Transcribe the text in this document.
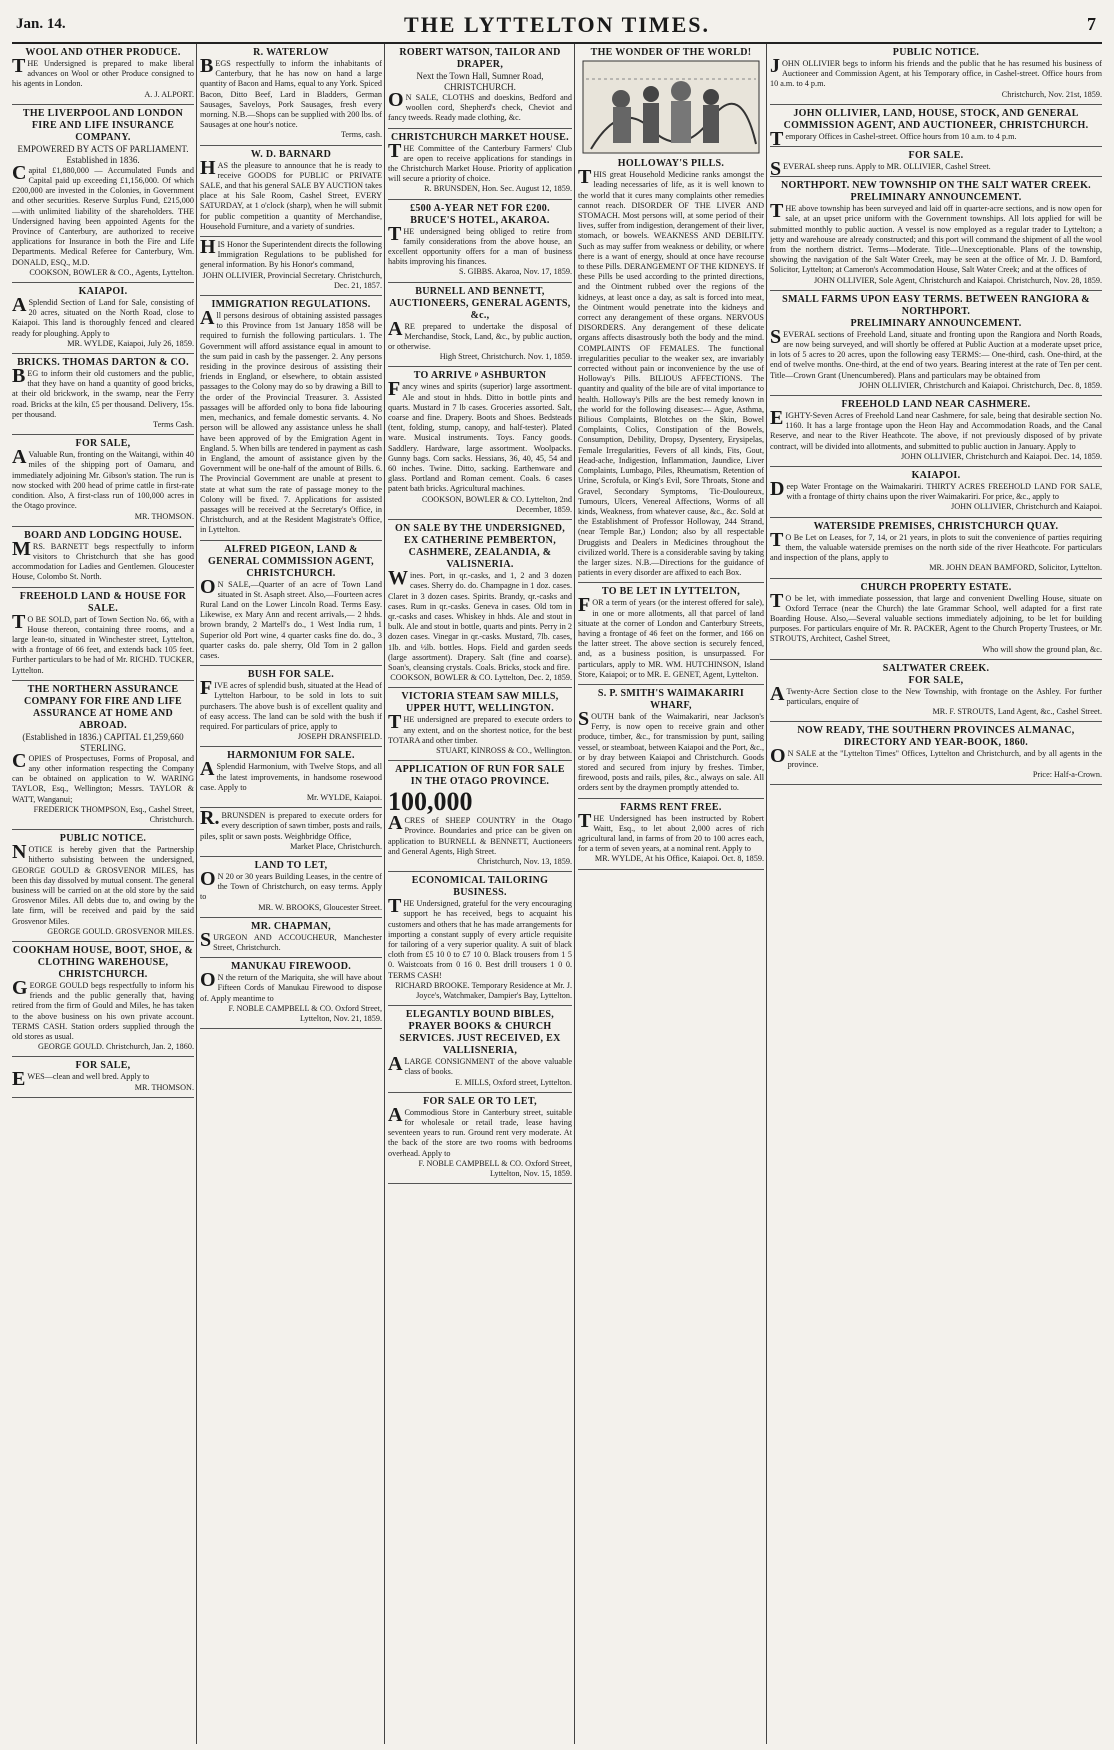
Jan. 14.	THE LYTTELTON TIMES.	7
WOOL AND OTHER PRODUCE.

THE Undersigned is prepared to make liberal advances on Wool or other Produce consigned to his agents in London.

A. J. ALPORT.
THE LIVERPOOL AND LONDON FIRE AND LIFE INSURANCE COMPANY.
EMPOWERED BY ACTS OF PARLIAMENT. Established in 1836.

Capital £1,880,000 — Accumulated Funds and Capital paid up exceeding £1,156,000. Of which £200,000 are invested in the Colonies, in Government and other securities. Reserve Surplus Fund, £215,000—with unlimited liability of the shareholders. THE Undersigned having been appointed Agents for the Province of Canterbury, are authorized to receive applications for Insurance in both the Fire and Life Departments. Medical Referee for Canterbury, Wm. DONALD, ESQ., M.D.

COOKSON, BOWLER & CO., Agents, Lyttelton.
KAIAPOI.

ASplendid Section of Land for Sale, consisting of 20 acres, situated on the North Road, close to Kaiapoi. This land is thoroughly fenced and cleared ready for ploughing. Apply to

MR. WYLDE, Kaiapoi, July 26, 1859.
BRICKS. THOMAS DARTON & CO.

BEG to inform their old customers and the public, that they have on hand a quantity of good bricks, at their old brickwork, in the swamp, near the Ferry road. Bricks at the kiln, £5 per thousand. Delivery, 15s. per thousand.

Terms Cash.
FOR SALE,

AValuable Run, fronting on the Waitangi, within 40 miles of the shipping port of Oamaru, and immediately adjoining Mr. Gibson's station. The run is now stocked with 200 head of prime cattle in first-rate condition. Also, A first-class run of 100,000 acres in the Otago province.

MR. THOMSON.
BOARD AND LODGING HOUSE.

MRS. BARNETT begs respectfully to inform visitors to Christchurch that she has good accommodation for Ladies and Gentlemen. Gloucester House, Colombo St. North.

FREEHOLD LAND & HOUSE FOR SALE.

TO BE SOLD, part of Town Section No. 66, with a House thereon, containing three rooms, and a large lean-to, situated in Winchester street, Lyttelton, with a frontage of 66 feet, and extends back 105 feet. Further particulars to be had of Mr. RICHD. TUCKER, Lyttelton.

THE NORTHERN ASSURANCE COMPANY FOR FIRE AND LIFE ASSURANCE AT HOME AND ABROAD.
(Established in 1836.) CAPITAL £1,259,660 STERLING.

COPIES of Prospectuses, Forms of Proposal, and any other information respecting the Company can be obtained on application to W. WARING TAYLOR, Esq., Wellington; Messrs. TAYLOR & WATT, Wanganui;

FREDERICK THOMPSON, Esq., Cashel Street, Christchurch.
PUBLIC NOTICE.

NOTICE is hereby given that the Partnership hitherto subsisting between the undersigned, GEORGE GOULD & GROSVENOR MILES, has been this day dissolved by mutual consent. The general business will be carried on at the old store by the said Grosvenor Miles. All debts due to, and owing by the late firm, will be received and paid by the said Grosvenor Miles.

GEORGE GOULD. GROSVENOR MILES.
COOKHAM HOUSE, BOOT, SHOE, & CLOTHING WAREHOUSE, CHRISTCHURCH.

GEORGE GOULD begs respectfully to inform his friends and the public generally that, having retired from the firm of Gould and Miles, he has taken to the above business on his own private account. TERMS CASH. Station orders supplied through the old stores as usual.

GEORGE GOULD. Christchurch, Jan. 2, 1860.
FOR SALE,

EWES—clean and well bred. Apply to

MR. THOMSON.
R. WATERLOW

BEGS respectfully to inform the inhabitants of Canterbury, that he has now on hand a large quantity of Bacon and Hams, equal to any York. Spiced Bacon, Ditto Beef, Lard in Bladders, German Sausages, Saveloys, Pork Sausages, fresh every morning. N.B.—Shops can be supplied with 200 lbs. of Sausages at one hour's notice.

Terms, cash.
W. D. BARNARD

HAS the pleasure to announce that he is ready to receive GOODS for PUBLIC or PRIVATE SALE, and that his general SALE BY AUCTION takes place at his Sale Room, Cashel Street, EVERY SATURDAY, at 1 o'clock (sharp), when he will submit for public competition a quantity of Merchandise, Household Furniture, and a variety of sundries.

HIS Honor the Superintendent directs the following Immigration Regulations to be published for general information. By his Honor's command,

JOHN OLLIVIER, Provincial Secretary. Christchurch, Dec. 21, 1857.
IMMIGRATION REGULATIONS.

All persons desirous of obtaining assisted passages to this Province from 1st January 1858 will be required to furnish the following particulars. 1. The Government will afford assistance equal in amount to the sum paid in cash by the passenger. 2. Any persons residing in the province desirous of assisting their friends in England, or elsewhere, to obtain assisted passages to the Colony may do so by drawing a Bill to the order of the Provincial Treasurer. 3. Assisted passages will be afforded only to bona fide labouring men, mechanics, and female domestic servants. 4. No person will be allowed any assistance unless he shall have been approved of by the Emigration Agent in England. 5. When bills are tendered in payment as cash in England, the amount of assistance given by the Government will be one-half of the amount of Bills. 6. The Provincial Government are unable at present to state at what sum the rate of passage money to the Colony will be fixed. 7. Applications for assisted passages will be received at the Secretary's Office, in Christchurch, and at the Resident Magistrate's Office, in Lyttelton.

ALFRED PIGEON, LAND & GENERAL COMMISSION AGENT, CHRISTCHURCH.

ON SALE,—Quarter of an acre of Town Land situated in St. Asaph street. Also,—Fourteen acres Rural Land on the Lower Lincoln Road. Terms Easy. Likewise, ex Mary Ann and recent arrivals,— 2 hhds. brown brandy, 2 Martell's do., 1 West India rum, 1 Superior old Port wine, 4 quarter casks fine do. do., 3 quarter casks do. pale sherry, Old Tom in 2 gallon cases.

BUSH FOR SALE.

FIVE acres of splendid bush, situated at the Head of Lyttelton Harbour, to be sold in lots to suit purchasers. The above bush is of excellent quality and of easy access. The land can be sold with the bush if required. For particulars of price, apply to

JOSEPH DRANSFIELD.
HARMONIUM FOR SALE.

ASplendid Harmonium, with Twelve Stops, and all the latest improvements, in handsome rosewood case. Apply to

Mr. WYLDE, Kaiapoi.

R.BRUNSDEN is prepared to execute orders for every description of sawn timber, posts and rails, piles, split or sawn posts. Weighbridge Office,

Market Place, Christchurch.
LAND TO LET,

ON 20 or 30 years Building Leases, in the centre of the Town of Christchurch, on easy terms. Apply to

MR. W. BROOKS, Gloucester Street.
MR. CHAPMAN,

SURGEON AND ACCOUCHEUR, Manchester Street, Christchurch.

MANUKAU FIREWOOD.

ON the return of the Mariquita, she will have about Fifteen Cords of Manukau Firewood to dispose of. Apply meantime to

F. NOBLE CAMPBELL & CO. Oxford Street, Lyttelton, Nov. 21, 1859.
ROBERT WATSON, TAILOR AND DRAPER,
Next the Town Hall, Sumner Road, CHRISTCHURCH.

ON SALE, CLOTHS and doeskins, Bedford and woollen cord, Shepherd's check, Cheviot and fancy tweeds. Ready made clothing, &c.

CHRISTCHURCH MARKET HOUSE.

THE Committee of the Canterbury Farmers' Club are open to receive applications for standings in the Christchurch Market House. Priority of application will secure a priority of choice.

R. BRUNSDEN, Hon. Sec. August 12, 1859.
£500 A-YEAR NET FOR £200. BRUCE'S HOTEL, AKAROA.

THE undersigned being obliged to retire from family considerations from the above house, an excellent opportunity offers for a man of business habits improving his finances.

S. GIBBS. Akaroa, Nov. 17, 1859.
BURNELL AND BENNETT, AUCTIONEERS, GENERAL AGENTS, &c.,

ARE prepared to undertake the disposal of Merchandise, Stock, Land, &c., by public auction, or otherwise.

High Street, Christchurch. Nov. 1, 1859.
TO ARRIVE ᵖ ASHBURTON

Fancy wines and spirits (superior) large assortment. Ale and stout in hhds. Ditto in bottle pints and quarts. Mustard in 7 lb cases. Groceries assorted. Salt, coarse and fine. Drapery. Boots and Shoes. Bedsteads (tent, folding, stump, canopy, and half-tester). Plated ware. Musical instruments. Toys. Fancy goods. Saddlery. Hardware, large assortment. Woolpacks. Gunny bags. Corn sacks. Hessians, 36, 40, 45, 54 and 60 inches. Twine. Ditto, sacking. Earthenware and glass. Portland and Roman cement. Coals. 6 cases patent bath bricks. Agricultural machines.

COOKSON, BOWLER & CO. Lyttelton, 2nd December, 1859.
ON SALE BY THE UNDERSIGNED, EX CATHERINE PEMBERTON, CASHMERE, ZEALANDIA, & VALISNERIA.

Wines. Port, in qr.-casks, and 1, 2 and 3 dozen cases. Sherry do. do. Champagne in 1 doz. cases. Claret in 3 dozen cases. Spirits. Brandy, qr.-casks and cases. Rum in qr.-casks. Geneva in cases. Old tom in qr.-casks and cases. Whiskey in hhds. Ale and stout in bulk. Ale and stout in bottle, quarts and pints. Perry in 2 dozen cases. Vinegar in qr.-casks. Mustard, 7lb. cases, 1lb. and ½lb. bottles. Hops. Field and garden seeds (large assortment). Drapery. Salt (fine and coarse). Soan's, cleansing crystals. Coals. Bricks, stock and fire.

COOKSON, BOWLER & CO. Lyttelton, Dec. 2, 1859.
VICTORIA STEAM SAW MILLS, UPPER HUTT, WELLINGTON.

THE undersigned are prepared to execute orders to any extent, and on the shortest notice, for the best TOTARA and other timber.

STUART, KINROSS & CO., Wellington.
APPLICATION OF RUN FOR SALE IN THE OTAGO PROVINCE.
100,000

ACRES of SHEEP COUNTRY in the Otago Province. Boundaries and price can be given on application to BURNELL & BENNETT, Auctioneers and General Agents, High Street.

Christchurch, Nov. 13, 1859.
ECONOMICAL TAILORING BUSINESS.

THE Undersigned, grateful for the very encouraging support he has received, begs to acquaint his customers and others that he has made arrangements for importing a constant supply of every article requisite for tailoring of a very superior quality. A suit of black cloth from £5 10 0 to £7 10 0. Black trousers from 1 5 0. Waistcoats from 0 16 0. Best drill trousers 1 0 0. TERMS CASH!

RICHARD BROOKE. Temporary Residence at Mr. J. Joyce's, Watchmaker, Dampier's Bay, Lyttelton.
ELEGANTLY BOUND BIBLES, PRAYER BOOKS & CHURCH SERVICES. JUST RECEIVED, EX VALLISNERIA,

ALARGE CONSIGNMENT of the above valuable class of books.

E. MILLS, Oxford street, Lyttelton.
FOR SALE OR TO LET,

ACommodious Store in Canterbury street, suitable for wholesale or retail trade, lease having seventeen years to run. Ground rent very moderate. At the back of the store are two rooms with bedrooms overhead. Apply to

F. NOBLE CAMPBELL & CO. Oxford Street, Lyttelton, Nov. 15, 1859.
THE WONDER OF THE WORLD!
HOLLOWAY'S PILLS.

THIS great Household Medicine ranks amongst the leading necessaries of life, as it is well known to the world that it cures many complaints other remedies cannot reach. DISORDER OF THE LIVER AND STOMACH. Most persons will, at some period of their lives, suffer from indigestion, derangement of their liver, stomach, or bowels. WEAKNESS AND DEBILITY. Such as may suffer from weakness or debility, or where there is a want of energy, should at once have recourse to these Pills. DERANGEMENT OF THE KIDNEYS. If these Pills be used according to the printed directions, and the Ointment rubbed over the regions of the kidneys, at least once a day, as salt is forced into meat, the Ointment would penetrate into the kidneys and correct any derangement of these organs. NERVOUS DISORDERS. Any derangement of these delicate organs affects disastrously both the body and the mind. COMPLAINTS OF FEMALES. The functional irregularities peculiar to the weaker sex, are invariably corrected without pain or inconvenience by the use of Holloway's Pills. BILIOUS AFFECTIONS. The quantity and quality of the bile are of vital importance to health. Holloway's Pills are the best remedy known in the world for the following diseases:— Ague, Asthma, Bilious Complaints, Blotches on the Skin, Bowel Complaints, Colics, Constipation of the Bowels, Consumption, Debility, Dropsy, Dysentery, Erysipelas, Female Irregularities, Fevers of all kinds, Fits, Gout, Head-ache, Indigestion, Inflammation, Jaundice, Liver Complaints, Lumbago, Piles, Rheumatism, Retention of Urine, Scrofula, or King's Evil, Sore Throats, Stone and Gravel, Secondary Symptoms, Tic-Douloureux, Tumours, Ulcers, Venereal Affections, Worms of all kinds, Weakness, from whatever cause, &c., &c. Sold at the Establishment of Professor Holloway, 244 Strand, (near Temple Bar,) London; also by all respectable Druggists and Dealers in Medicines throughout the civilized world. There is a considerable saving by taking the larger sizes. N.B.—Directions for the guidance of patients in every disorder are affixed to each Box.

TO BE LET IN LYTTELTON,

FOR a term of years (or the interest offered for sale), in one or more allotments, all that parcel of land situate at the corner of London and Canterbury Streets, having a frontage of 46 feet on the former, and 166 on the latter street. The above section is securely fenced, and, as a business position, is unsurpassed. For particulars, apply to MR. WM. HUTCHINSON, Island Store, Kaiapoi; or to MR. E. GENET, Agent, Lyttelton.

S. P. SMITH'S WAIMAKARIRI WHARF,

SOUTH bank of the Waimakariri, near Jackson's Ferry, is now open to receive grain and other produce, timber, &c., for transmission by punt, sailing vessel, or steamboat, between Kaiapoi and the Port, &c., or by dray between Kaiapoi and Christchurch. Goods stored and secured from injury by freshes. Timber, firewood, posts and rails, piles, &c., always on sale. All orders sent by the draymen promptly attended to.

FARMS RENT FREE.

THE Undersigned has been instructed by Robert Waitt, Esq., to let about 2,000 acres of rich agricultural land, in farms of from 20 to 100 acres each, for a term of seven years, at a nominal rent. Apply to

MR. WYLDE, At his Office, Kaiapoi. Oct. 8, 1859.
PUBLIC NOTICE.

JOHN OLLIVIER begs to inform his friends and the public that he has resumed his business of Auctioneer and Commission Agent, at his Temporary office, in Cashel-street. Office hours from 10 a.m. to 4 p.m.

Christchurch, Nov. 21st, 1859.
JOHN OLLIVIER, LAND, HOUSE, STOCK, AND GENERAL COMMISSION AGENT, AND AUCTIONEER, CHRISTCHURCH.

Temporary Offices in Cashel-street. Office hours from 10 a.m. to 4 p.m.

FOR SALE.

SEVERAL sheep runs. Apply to MR. OLLIVIER, Cashel Street.

NORTHPORT. NEW TOWNSHIP ON THE SALT WATER CREEK.
PRELIMINARY ANNOUNCEMENT.

THE above township has been surveyed and laid off in quarter-acre sections, and is now open for sale, at an upset price uniform with the Government townships. All lots applied for will be submitted monthly to public auction. A vessel is now employed as a regular trader to Lyttelton; a jetty and warehouse are already constructed; and this port will command the shipment of all the wool from the northern district. Terms—Moderate. Title—Unexceptionable. Plans of the township, showing the navigation of the Salt Water Creek, may be seen at the office of Mr. J. D. Bamford, Solicitor, Lyttelton; at Cameron's Accommodation House, Salt Water Creek; and at the offices of

JOHN OLLIVIER, Sole Agent, Christchurch and Kaiapoi. Christchurch, Nov. 28, 1859.
SMALL FARMS UPON EASY TERMS. BETWEEN RANGIORA & NORTHPORT.
PRELIMINARY ANNOUNCEMENT.

SEVERAL sections of Freehold Land, situate and fronting upon the Rangiora and North Roads, are now being surveyed, and will shortly be offered at Public Auction at a moderate upset price, in lots of 5 acres to 20 acres, upon the following easy TERMS:— One-third, cash. One-third, at the end of twelve months. One-third, at the end of two years. Bearing interest at the rate of Ten per cent. Title—Crown Grant (Unencumbered). Plans and particulars may be obtained from

JOHN OLLIVIER, Christchurch and Kaiapoi. Christchurch, Dec. 8, 1859.
FREEHOLD LAND NEAR CASHMERE.

EIGHTY-Seven Acres of Freehold Land near Cashmere, for sale, being that desirable section No. 1160. It has a large frontage upon the Heon Hay and Accommodation Roads, and the Canal Reserve, and near to the River Heathcote. The above, if not previously disposed of by private contract, will be divided into allotments, and submitted to public auction in January. Apply to

JOHN OLLIVIER, Christchurch and Kaiapoi. Dec. 14, 1859.
KAIAPOI.

Deep Water Frontage on the Waimakariri. THIRTY ACRES FREEHOLD LAND FOR SALE, with a frontage of thirty chains upon the river Waimakariri. For price, &c., apply to

JOHN OLLIVIER, Christchurch and Kaiapoi.
WATERSIDE PREMISES, CHRISTCHURCH QUAY.

TO Be Let on Leases, for 7, 14, or 21 years, in plots to suit the convenience of parties requiring them, the valuable waterside premises on the north side of the river Heathcote. For particulars and inspection of the plans, apply to

MR. JOHN DEAN BAMFORD, Solicitor, Lyttelton.
CHURCH PROPERTY ESTATE.

TO be let, with immediate possession, that large and convenient Dwelling House, situate on Oxford Terrace (near the Church) the late Grammar School, well adapted for a first rate Boarding House. Also,—Several valuable sections immediately adjoining, to be let for building purposes. For particulars enquire of Mr. R. PACKER, Agent to the Church Property Trustees, or Mr. STROUTS, Architect, Cashel Street,

Who will show the ground plan, &c.
SALTWATER CREEK.
FOR SALE,

ATwenty-Acre Section close to the New Township, with frontage on the Ashley. For further particulars, enquire of

MR. F. STROUTS, Land Agent, &c., Cashel Street.
NOW READY, THE SOUTHERN PROVINCES ALMANAC, DIRECTORY AND YEAR-BOOK, 1860.

ON SALE at the "Lyttelton Times" Offices, Lyttelton and Christchurch, and by all agents in the province.

Price: Half-a-Crown.
